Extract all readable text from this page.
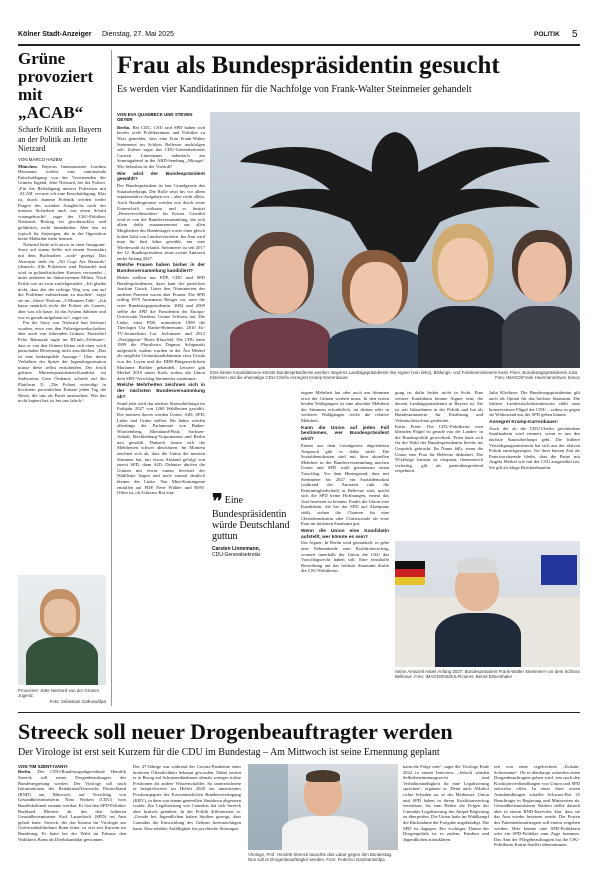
Kölner Stadt-Anzeiger Dienstag, 27. Mai 2025	POLITIK 5
Grüne provoziert mit „ACAB“
Scharfe Kritik aus Bayern an der Politik an Jette Nietzard
VON MARCO HADEM
München. Bayerns Innenminister Joachim Herrmann fordert eine umfassende Entschuldigung von der Vorsitzenden der Grünen Jugend, Jette Nietzard, bei der Polizei. „Für die Beleidigung unserer Polizisten mit ‚ACAB‘ erwarte ich eine Entschuldigung. Klar ist, durch dumme Polemik werden weder Fragen des sozialen Ausgleichs noch der inneren Sicherheit auch nur einen Schritt vorangebracht“, sagte der CSU-Politiker. Nietzards Beitrag sei geschmacklos und gefährlich, nicht hinnehmbar. Aber das ist typisch für diejenigen, die in der Opposition keine Maßstäbe mehr kennen.
Nietzard hatte sich zuvor in einer Instagram-Story auf einem Selfie mit einem Sweatshirt mit dem Buchstaben „acab“ gezeigt. Das Akronym steht für „All Cops Are Bastards“ (deutsch: Alle Polizisten sind Bastarde) und wird in polizeikritischen Kreisen verwendet – unter anderem im linksextremen Milieu. Nach Kritik war sie zwar zurückgerudert. „Ich glaube nicht, dass das der richtige Weg war, um auf die Probleme aufmerksam zu machen“, sagte sie im „Stern“-Podcast „5-Minuten-Talk“. „Ich hasse natürlich nicht die Polizei als Ganzes, aber was ich hasse, ist das System dahinter und wie es gerade aufgebaut ist“, sagte sie.
Für die Story war Nietzard hart kritisiert worden, etwa von den Polizeigewerkschaften, aber auch von führenden Grünen. Parteichef Felix Banaszak sagte im RT.mb-„Frühstart“, dass er von den Grünen kleine sich einer solch pauschalen Bewertung nicht anschließen. „Das ist eine inakzeptable Aussage.“ Über deren Verhältnis der Spitze der Jugendorganisation müsse diese selbst entscheiden. Der frisch gekürte Ministerpräsidenten-Kandidat im Südwesten, Cem Özdemir, schrieb auf der Plattform X: „Die Polizei verteidigt in höchstem persönlichen Einsatz jeden Tag die Werte, die uns als Partei ausmachen. Wer das nicht kapiert hat, ist bei uns falsch.“
Provoziert: Jette Nietzard von der Grünen Jugend.
Foto: Sebastian Gollnow/dpa
Frau als Bundespräsidentin gesucht
Es werden vier Kandidatinnen für die Nachfolge von Frank-Walter Steinmeier gehandelt
Eine dieser Kandidatinnen könnte Bundespräsidentin werden: Bayerns Landtagspräsidentin Ilse Aigner (von links), Bildungs- und Familienministerin Karin Prien, Bundestagspräsidentin Julia Klöckner und die ehemalige CDU-Chefin Annegret Kramp-Karrenbauer.	Foto: IMAGO/Frank Hoermann/Sven Simon
VON EVA QUADBECK UND STEVEN GEYER
Berlin. Bei CDU, CSU und SPD haben sich bereits viele Politikerinnen und Politiker zu Wort gemeldet, dass eine Frau Frank-Walter Steinmeier im Schloss Bellevue nachfolgen soll. Zuletzt sagte das CDU-Generalsekretär Carsten Linnemann nahmfach am Sonntagabend in der ARD-Sendung „Miosga“. Wie belastbar ist der Vorstoß?
Wie wird der Bundespräsident gewählt?
Der Bundespräsident ist laut Grundgesetz das Staatsoberhaupt. Die Rolle setzt bis vor allem repräsentative Aufgaben vor – aber nicht allein. Auch Bundesgesetze werden erst durch seine Unterschrift wirksam und er besitzt „Reservevollmachten“ für Krisen. Gewählt wird er von der Bundesversammlung, die sich allein dafür zusammensetzt aus allen Mitgliedern des Bundestages sowie einer gleich hohen Zahl von Ländervertretern. Ins Amt wird man für fünf Jahre gewählt, nur eine Wiederwahl ist erlaubt. Steinmeier ist seit 2017 der 12. Bundespräsident, seine zweite Amtszeit endet Anfang 2027.
Welche Frauen haben bisher in der Bundesversammlung kandidiert?
Bisher stellten nur FDP, CDU und SPD Bundespräsidenten, dazu kam der parteilose Joachim Gauck. Unter den Nominierten der anderen Parteien waren aber Frauen: Die SPD schlug 1979 Annemarie Renger vor, nuve die erste Bundestagspräsidentin. 2004 und 2009 stellte die SPD die Präsidentin der Europa-Universität Viadrina, Gesine Schwan, auf. Die Linke, einst PDS, nominierte 1999 die Theologin Uta Ranke-Heinemann, 2010 Ex-TV-Journalistin Luc Jochimsen und 2012 „Nazijägerin“ Beate Klarsfeld. Die CDU hatte 1999 die Physikerin Dagmar Schipanski aufgestellt, zudem wurden in der Ära Merkel als mögliche Unionskandidatinnen etwa Ursula von der Leyen und die DDR-Bürgerrechtlerin Marianne Birthler gehandelt. Letztere gab Merkel 2010 einen Korb, sodass die Union dem SPD-Vorschlag Steinmeier zustimmte.
Welche Mehrheiten zeichnen sich in der nächsten Bundesversammlung ab?
Stand jetzt wird das nächste Staatsoberhaupt im Frühjahr 2027 von 1260 Wahlleuten gewählt. Die meisten davon werden Union, AfD, SPD, Linke und Grüne stellen. Bis dahin werden allerdings die Parlamente von Baden-Württemberg, Rheinland-Pfalz, Sachsen-Anhalt, Mecklenburg-Vorpommern und Berlin neu gewählt. Dadurch lassen sich die Mehrheiten schwer abschätzen. Im Moment zeichnet sich ab, dass die Union die meisten Stimmen hat, mit etwas Abstand gefolgt von zuerst SPD, dann AfD. Dahinter dürften die Grünen mit etwas einem Sechstel der Wahlleute liegen und noch einmal deutlich kleiner die Linke. Nur Mini-Kontingente entfallen auf FDP, Freie Wähler und BSW. Offen ist, ob Schwarz-Rot eine	❞ Eine Bundespräsidentin würde Deutschland guttun
Carsten Linnemann,
CDU-Generalsekretär
eigene Mehrheit hat oder auch um Stimmen etwa der Grünen werben muss. In den ersten beiden Wahlgängen ist eine absolute Mehrheit der Stimmen erforderlich, im dritten oder in weiteren Wahlgängen reicht die relative Mehrheit.
Kann die Union auf jeden Fall bestimmen, wer Bundespräsident wird?
Einem aus dem Grundgesetz abgeleiteten Anspruch gibt es dafür nicht. Die Sozialdemokraten sind mit ihrer aktuellen Mehrheit in der Bundesversammlung machen Union und SPD wohl gemeinsam einen Vorschlag. Vor dem Hintergrund, dass mit Steinmeier bis 2027 ein Sozialdemokrat (während der Amtszeit ruht die Parteimitgliedschaft) in Bellevue sitzt, macht sich die SPD keine Hoffnungen, erneut das Amt besetzen zu können. Findet die Union eine Kandidatin, die bei der SPD auf Akzeptanz stößt, stehen die Chancen für eine Christdemokratin oder Christsoziale als erste Frau im höchsten Staatsamt gut.
Wenn die Union eine Kandidatin aufstellt, wer könnte es sein?
Ilse Aigner: In Berlin wird gemunkelt, es gebe eine Nebenabrede zum Koalitionsvertrag, wonach innerhalb der Union die CSU das Vorschlagsrecht haben soll. Eine ernsthafte Bewerbung um das höchste Staatsamt dürfte die CSU-Politikerin
gung ist dafür bisher nicht in Sicht. Eine weitere Kandidatin könnte Aigner sein, die derzeit Landtagspräsidentin in Bayern ist. Sie ist seit Jahrzehnten in der Politik und hat als Bundesministerin für Ernährung und Verbraucherschutz gearbeitet.
Karin Prien: Die CDU-Politikerin vom liberalen Flügel ist gerade von der Landes- in die Bundespolitik gewechselt. Prien hatte sich für die Wahl der Bundespräsidentin bereits ins Gespräch gebracht. Ihr Name fällt, wenn die Union eine Frau für Bellevue diskutiert. Die 59-jährige Juristin ist eloquent, themenreich vielseitig, gilt als parteiübergreifend respektiert.
Julia Klöckner: Die Bundestagspräsidentin gilt auch als Option für das höchste Staatsamt. Die frühere Landwirtschaftsministerin zählt zum konservativen Flügel der CDU – sodass es gegen sie Widerstand aus der SPD geben könnte.
Annegret Kramp-Karrenbauer:
Auch die ab die CDU-Chefin geschiedene Saarländerin wird erinnert, wenn es um das nächste Staatsoberhaupt geht. Die frühere Verteidigungsministerin hat sich aus der aktiven Politik zurückgezogen. Vor ihrer kurzen Zeit als Parteivorsitzende bleibt, dass die Partei mit Angela Merkel wie mit der CSU ausgesöhnt hat. Sie gilt als kluge Brückenbauerin.
Seine Amtszeit endet Anfang 2027: Bundespräsident Frank-Walter Steinmeier vor dem Schloss Bellevue. Foto: IMAGO/ESDES.Pictures, Bernd Elmenthaler
Streeck soll neuer Drogenbeauftragter werden
Der Virologe ist erst seit Kurzem für die CDU im Bundestag – Am Mittwoch ist seine Ernennung geplant
VON TIM SZENT-IVANYI
Berlin. Der CDU-Bundestagsabgeordnete Hendrik Streeck soll neuer Drogenbeauftragter der Bundesregierung werden. Der Virologe soll nach Informationen des RedaktionsNetzwerks Deutschland (RND) am Mittwoch auf Vorschlag von Gesundheitsministerin Nina Warken (CDU) vom Bundeskabinett ernannt werden. Er löst den SPD-Politiker Burkhard Blienert ab, der den früheren Gesundheitsminister Karl Lauterbach (SPD) ins Amt geholt hatte. Streeck, der das Institut für Virologie am Universitätsklinikum Bonn leitet, ist erst seit Kurzem im Bundestag. Er hatte bei der Wahl im Februar den Wahlkreis Bonn als Direktkandidat gewonnen.
Der 47-Jährige war während der Corona-Pandemie einer breiteren Öffentlichkeit bekannt geworden. Dabei vertrat er in Bezug auf Schutzmaßnahmen oftmals weniger strikte Positionen als andere Wissenschaftler. So unterzeichnete er beispielsweise im Herbst 2020 ein umstrittenes Positionspapier der Kassenärztlichen Bundesvereinigung (KBV), in dem von einem generellen Shutdown abgeraten wurde. Zur Legalisierung von Cannabis hat sich Streeck eher kritisch geäußert. In der Politik differenziert er. „Gerade bei Jugendlichen haben Studien gezeigt, dass Cannabis die Entwicklung des Gehirns beeinträchtigen kann. Eine erhöhte Anfälligkeit für psychische Störungen
Virologe, Prof. Hendrik Streeck tauschte das Labor gegen den Bundestag. Nun soll er Drogenbeauftragter werden. Foto: Federico Gambarini/dpa
kann die Folge sein“, sagte der Virologe Ende 2022 in einem Interview. „Jedoch würden Selbstbestimmungsrecht und Verhältnismäßigkeit für eine Legalisierung sprechen“, ergänzte er. Denn auch Alkohol richte Schaden an, so der Mediziner. Union und SPD haben in ihrem Koalitionsvertrag vereinbart, bis zum Herbst die Folgen der Cannabis-Legalisierung der Ampel-Regierung zu überprüfen. Die Union hatte im Wahlkampf die Rücknahme der Freigabe angekündigt. Die SPD ist dagegen. Ein wichtiges Thema der Drogenpolitik ist es zudem, Kindern und Jugendlichen aufzuklären.
ren von einer regelrechten „Kokain-Schwemme“. Ob es überhaupt weiterhin einen Drogenbeauftragten geben wird, war nach den Koalitionsverhandlungen von Union und SPD zeitweise offen. In einer ihrer ersten Amtshandlungen schaffte Schwarz-Rot 25 Beauftragte in Regierung und Ministerien ab. Gesundheitsministerin Warken stellte danach aber in einem RND-Interview klar, dass sie das Amt wieder besetzen werde. Der Posten des Patientenbeauftragten soll erneut vergeben werden. Hier könnte eine SPD-Politikerin oder ein SPD-Politiker zum Zuge kommen. Das Amt der Pflegebeauftragten hat die CSU-Politikerin Katrin Staffler übernommen.
